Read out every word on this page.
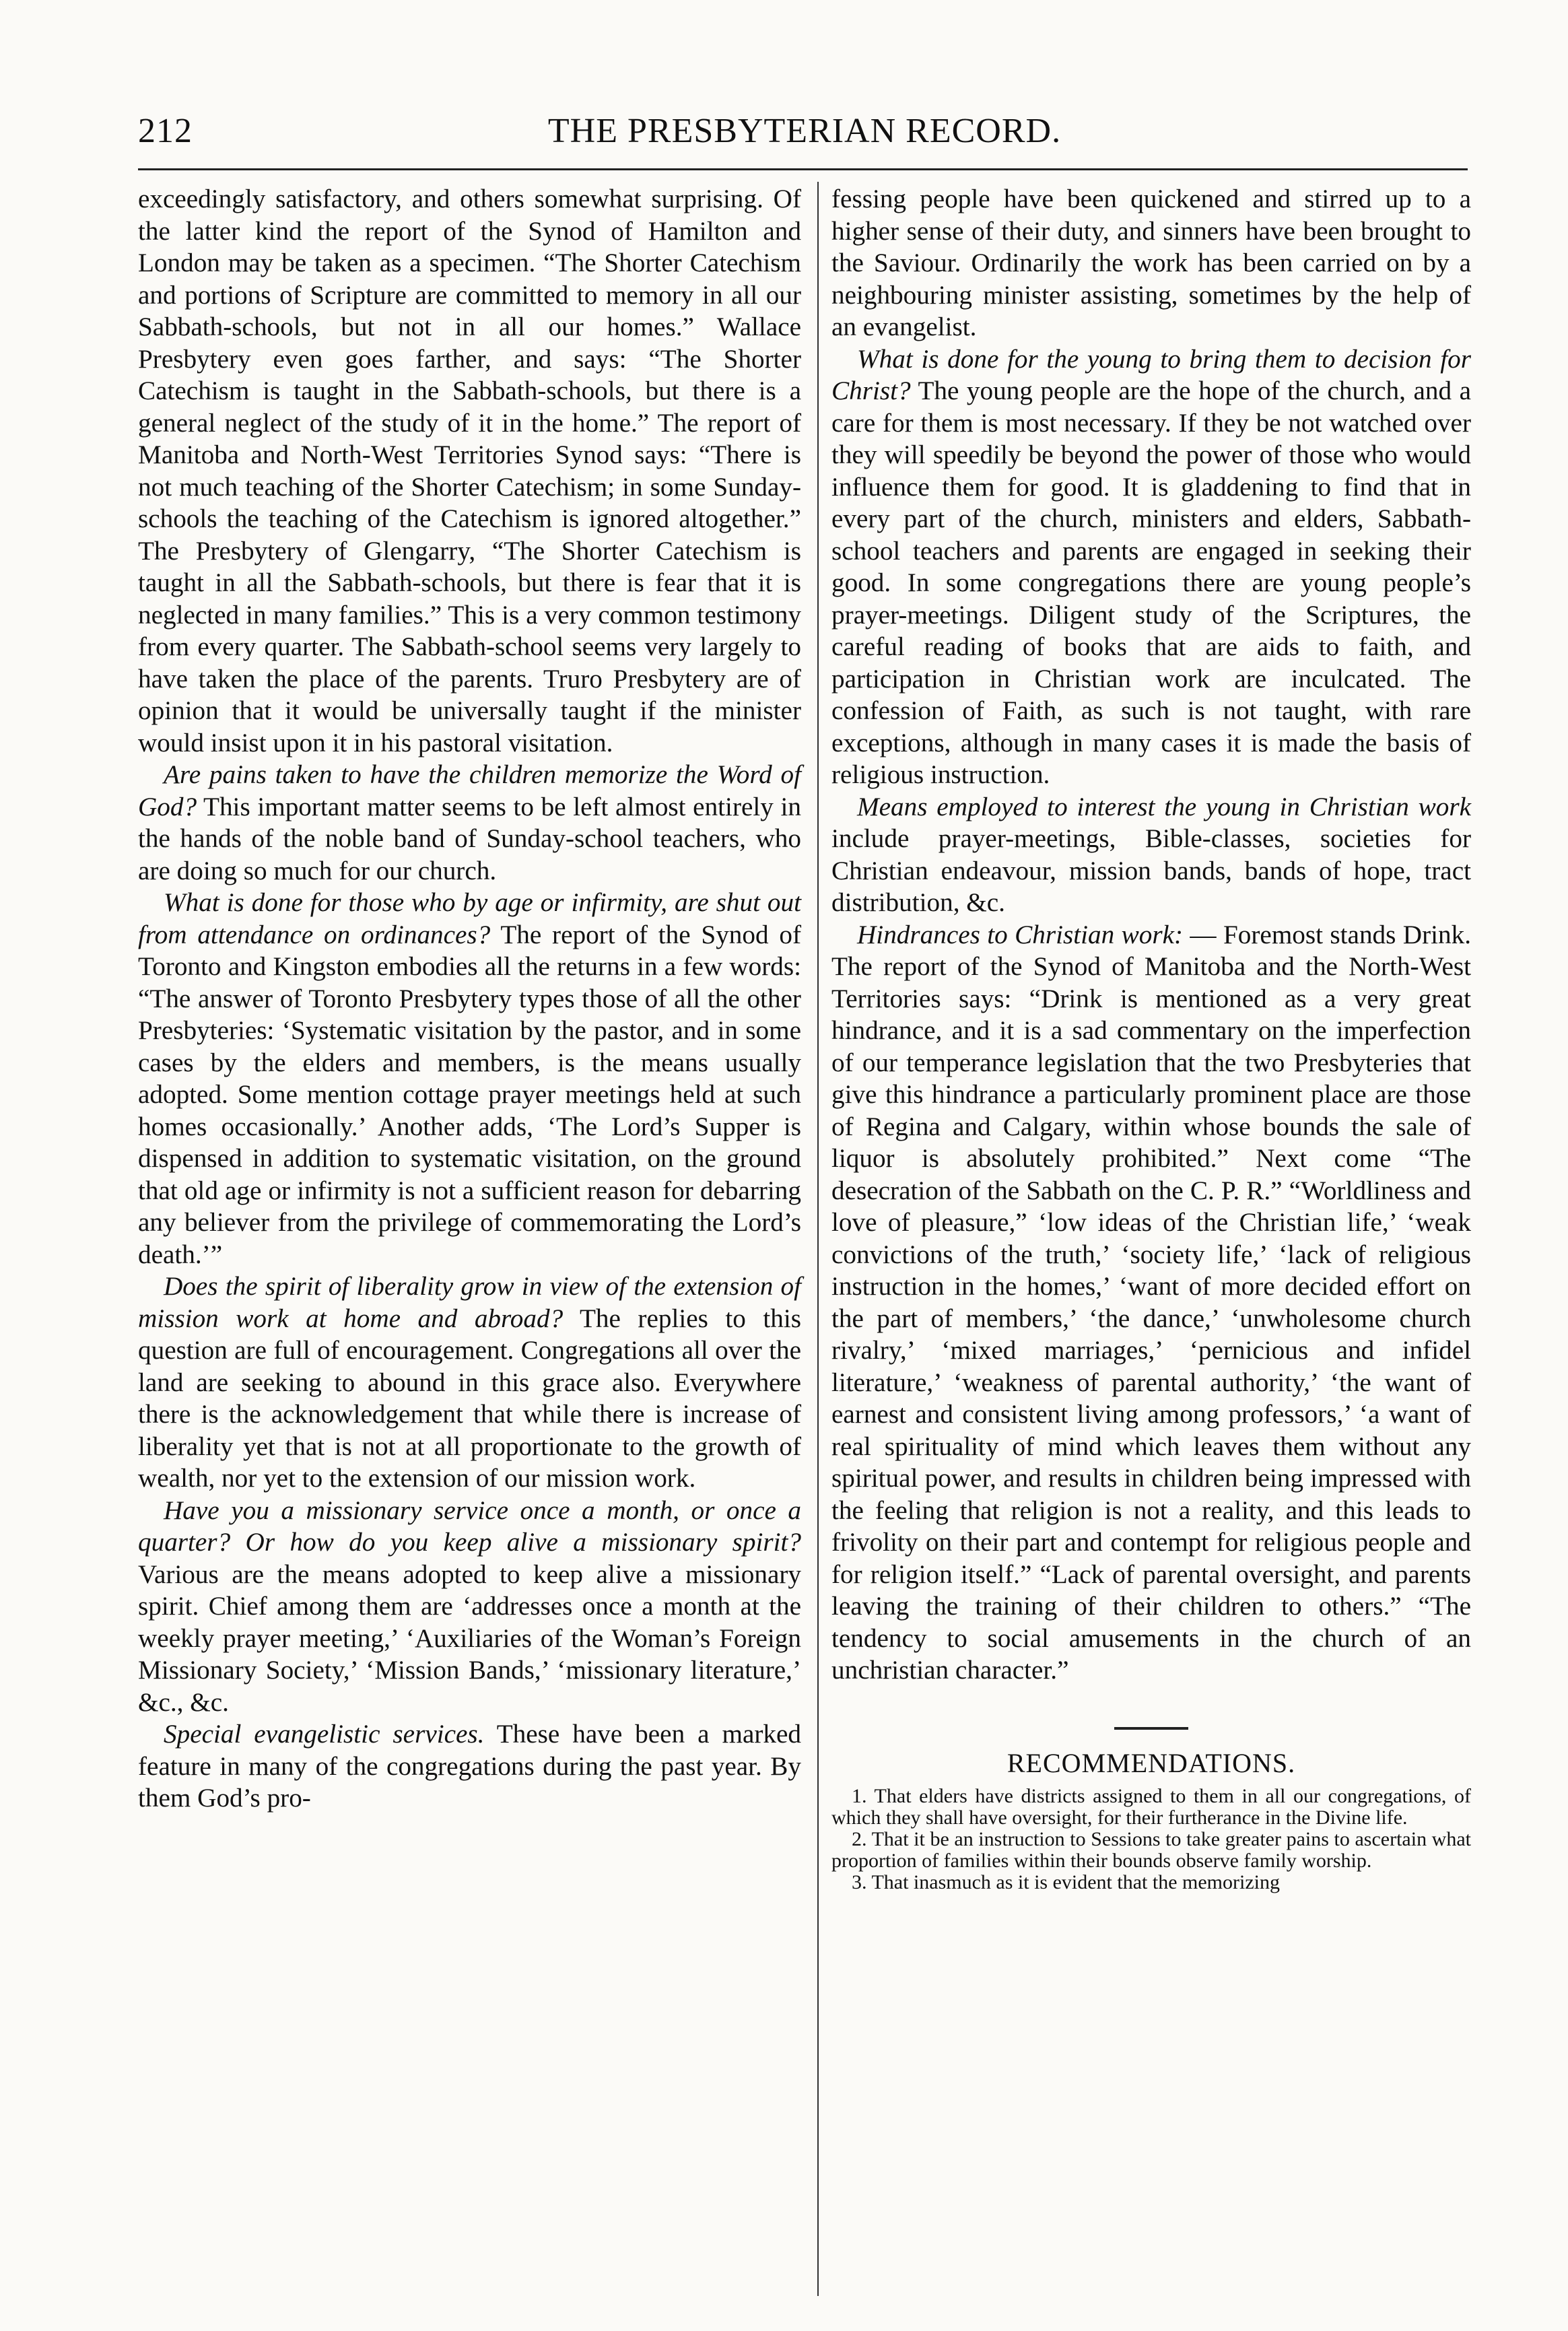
212	THE PRESBYTERIAN RECORD.

exceedingly satisfactory, and others somewhat surprising. Of the latter kind the report of the Synod of Hamilton and London may be taken as a specimen. “The Shorter Catechism and portions of Scripture are committed to memory in all our Sabbath-schools, but not in all our homes.” Wallace Presbytery even goes farther, and says: “The Shorter Catechism is taught in the Sabbath-schools, but there is a general neglect of the study of it in the home.” The report of Manitoba and North-West Territories Synod says: “There is not much teaching of the Shorter Catechism; in some Sunday-schools the teaching of the Catechism is ignored altogether.” The Presbytery of Glengarry, “The Shorter Catechism is taught in all the Sabbath-schools, but there is fear that it is neglected in many families.” This is a very common testimony from every quarter. The Sabbath-school seems very largely to have taken the place of the parents. Truro Presbytery are of opinion that it would be universally taught if the minister would insist upon it in his pastoral visitation.

Are pains taken to have the children memorize the Word of God? This important matter seems to be left almost entirely in the hands of the noble band of Sunday-school teachers, who are doing so much for our church.

What is done for those who by age or infirmity, are shut out from attendance on ordinances? The report of the Synod of Toronto and Kingston embodies all the returns in a few words: “The answer of Toronto Presbytery types those of all the other Presbyteries: ‘Systematic visitation by the pastor, and in some cases by the elders and members, is the means usually adopted. Some mention cottage prayer meetings held at such homes occasionally.’ Another adds, ‘The Lord’s Supper is dispensed in addition to systematic visitation, on the ground that old age or infirmity is not a sufficient reason for debarring any believer from the privilege of commemorating the Lord’s death.’”

Does the spirit of liberality grow in view of the extension of mission work at home and abroad? The replies to this question are full of encouragement. Congregations all over the land are seeking to abound in this grace also. Everywhere there is the acknowledgement that while there is increase of liberality yet that is not at all proportionate to the growth of wealth, nor yet to the extension of our mission work.

Have you a missionary service once a month, or once a quarter? Or how do you keep alive a missionary spirit? Various are the means adopted to keep alive a missionary spirit. Chief among them are ‘addresses once a month at the weekly prayer meeting,’ ‘Auxiliaries of the Woman’s Foreign Missionary Society,’ ‘Mission Bands,’ ‘missionary literature,’ &c., &c.

Special evangelistic services. These have been a marked feature in many of the congregations during the past year. By them God’s pro-

fessing people have been quickened and stirred up to a higher sense of their duty, and sinners have been brought to the Saviour. Ordinarily the work has been carried on by a neighbouring minister assisting, sometimes by the help of an evangelist.

What is done for the young to bring them to decision for Christ? The young people are the hope of the church, and a care for them is most necessary. If they be not watched over they will speedily be beyond the power of those who would influence them for good. It is gladdening to find that in every part of the church, ministers and elders, Sabbath-school teachers and parents are engaged in seeking their good. In some congregations there are young people’s prayer-meetings. Diligent study of the Scriptures, the careful reading of books that are aids to faith, and participation in Christian work are inculcated. The confession of Faith, as such is not taught, with rare exceptions, although in many cases it is made the basis of religious instruction.

Means employed to interest the young in Christian work include prayer-meetings, Bible-classes, societies for Christian endeavour, mission bands, bands of hope, tract distribution, &c.

Hindrances to Christian work: — Foremost stands Drink. The report of the Synod of Manitoba and the North-West Territories says: “Drink is mentioned as a very great hindrance, and it is a sad commentary on the imperfection of our temperance legislation that the two Presbyteries that give this hindrance a particularly prominent place are those of Regina and Calgary, within whose bounds the sale of liquor is absolutely prohibited.” Next come “The desecration of the Sabbath on the C. P. R.” “Worldliness and love of pleasure,” ‘low ideas of the Christian life,’ ‘weak convictions of the truth,’ ‘society life,’ ‘lack of religious instruction in the homes,’ ‘want of more decided effort on the part of members,’ ‘the dance,’ ‘unwholesome church rivalry,’ ‘mixed marriages,’ ‘pernicious and infidel literature,’ ‘weakness of parental authority,’ ‘the want of earnest and consistent living among professors,’ ‘a want of real spirituality of mind which leaves them without any spiritual power, and results in children being impressed with the feeling that religion is not a reality, and this leads to frivolity on their part and contempt for religious people and for religion itself.” “Lack of parental oversight, and parents leaving the training of their children to others.” “The tendency to social amusements in the church of an unchristian character.”

RECOMMENDATIONS.

1. That elders have districts assigned to them in all our congregations, of which they shall have oversight, for their furtherance in the Divine life.

2. That it be an instruction to Sessions to take greater pains to ascertain what proportion of families within their bounds observe family worship.

3. That inasmuch as it is evident that the memorizing
